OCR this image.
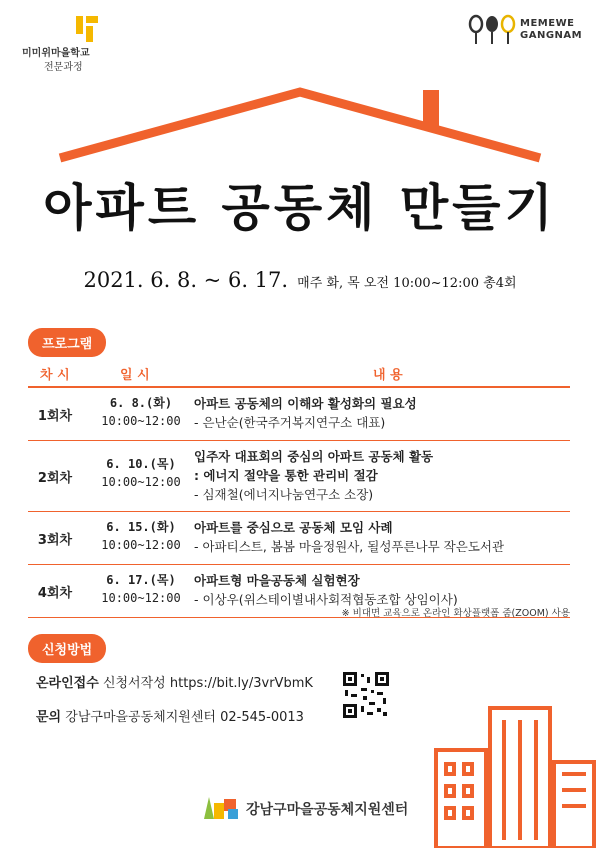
미미위마을학교
전문과정
MEMEWE
GANGNAM
아파트 공동체 만들기
2021. 6. 8. ~ 6. 17. 매주 화, 목 오전 10:00~12:00 총4회
프로그램
차 시	일 시	내 용
1회차
6. 8.(화)
10:00~12:00
아파트 공동체의 이해와 활성화의 필요성
- 은난순(한국주거복지연구소 대표)
2회차
6. 10.(목)
10:00~12:00
입주자 대표회의 중심의 아파트 공동체 활동
: 에너지 절약을 통한 관리비 절감
- 심재철(에너지나눔연구소 소장)
3회차
6. 15.(화)
10:00~12:00
아파트를 중심으로 공동체 모임 사례
- 아파티스트, 봄봄 마을정원사, 될성푸른나무 작은도서관
4회차
6. 17.(목)
10:00~12:00
아파트형 마을공동체 실험현장
- 이상우(위스테이별내사회적협동조합 상임이사)
※ 비대면 교육으로 온라인 화상플랫폼 줌(ZOOM) 사용
신청방법
온라인접수 신청서작성 https://bit.ly/3vrVbmK
문의 강남구마을공동체지원센터 02-545-0013
강남구마을공동체지원센터
